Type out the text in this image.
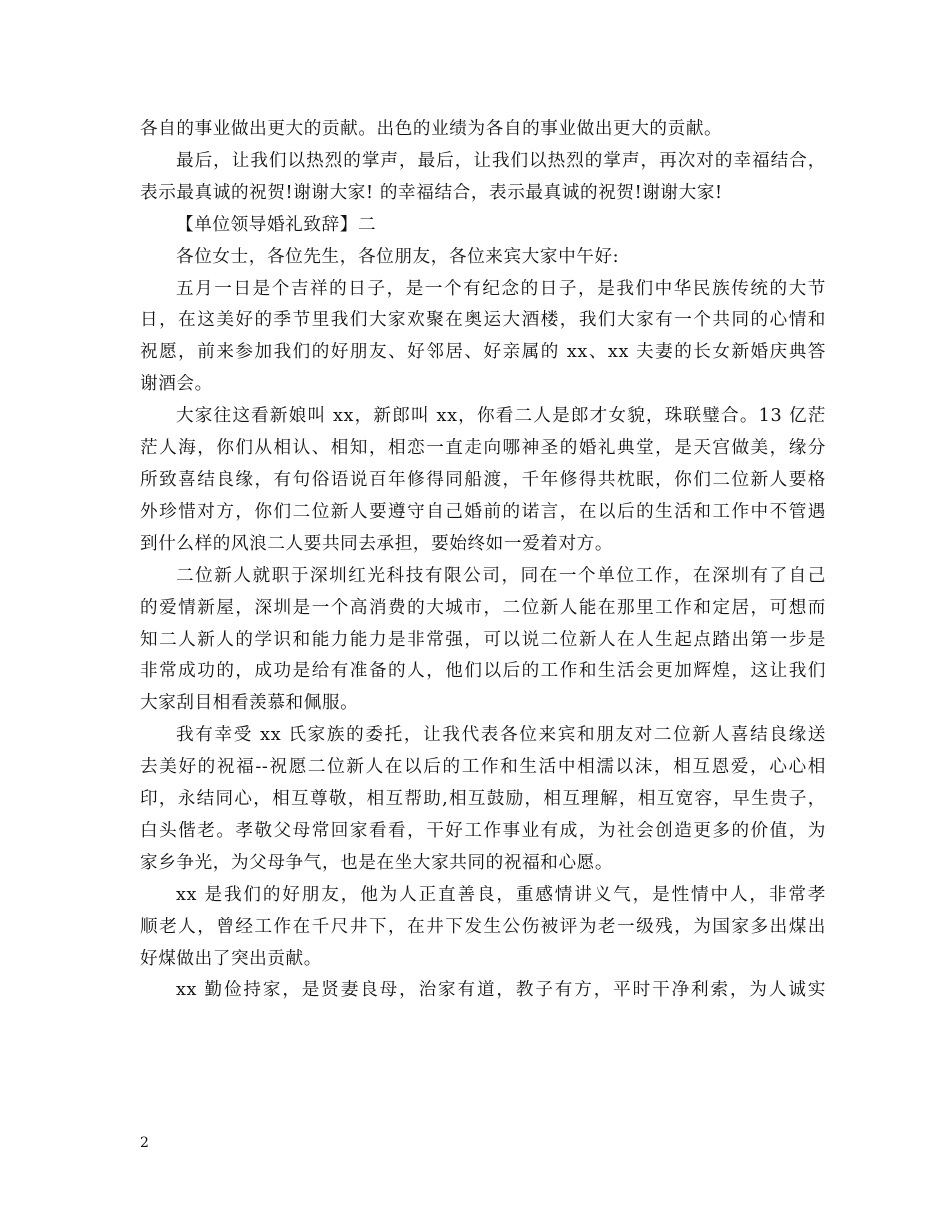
各自的事业做出更大的贡献。出色的业绩为各自的事业做出更大的贡献。
最后，让我们以热烈的掌声，最后，让我们以热烈的掌声，再次对的幸福结合，
表示最真诚的祝贺!谢谢大家! 的幸福结合，表示最真诚的祝贺!谢谢大家!
【单位领导婚礼致辞】二
各位女士，各位先生，各位朋友，各位来宾大家中午好:
五月一日是个吉祥的日子，是一个有纪念的日子，是我们中华民族传统的大节
日，在这美好的季节里我们大家欢聚在奥运大酒楼，我们大家有一个共同的心情和
祝愿，前来参加我们的好朋友、好邻居、好亲属的 xx、xx 夫妻的长女新婚庆典答
谢酒会。
大家往这看新娘叫 xx，新郎叫 xx，你看二人是郎才女貌，珠联璧合。13 亿茫
茫人海，你们从相认、相知，相恋一直走向哪神圣的婚礼典堂，是天宫做美，缘分
所致喜结良缘，有句俗语说百年修得同船渡，千年修得共枕眠，你们二位新人要格
外珍惜对方，你们二位新人要遵守自己婚前的诺言，在以后的生活和工作中不管遇
到什么样的风浪二人要共同去承担，要始终如一爱着对方。
二位新人就职于深圳红光科技有限公司，同在一个单位工作，在深圳有了自己
的爱情新屋，深圳是一个高消费的大城市，二位新人能在那里工作和定居，可想而
知二人新人的学识和能力能力是非常强，可以说二位新人在人生起点踏出第一步是
非常成功的，成功是给有准备的人，他们以后的工作和生活会更加辉煌，这让我们
大家刮目相看羡慕和佩服。
我有幸受 xx 氏家族的委托，让我代表各位来宾和朋友对二位新人喜结良缘送
去美好的祝福--祝愿二位新人在以后的工作和生活中相濡以沫，相互恩爱，心心相
印，永结同心，相互尊敬，相互帮助,相互鼓励，相互理解，相互宽容，早生贵子，
白头偕老。孝敬父母常回家看看，干好工作事业有成，为社会创造更多的价值，为
家乡争光，为父母争气，也是在坐大家共同的祝福和心愿。
xx 是我们的好朋友，他为人正直善良，重感情讲义气，是性情中人，非常孝
顺老人，曾经工作在千尺井下，在井下发生公伤被评为老一级残，为国家多出煤出
好煤做出了突出贡献。
xx 勤俭持家，是贤妻良母，治家有道，教子有方，平时干净利索，为人诚实
2
